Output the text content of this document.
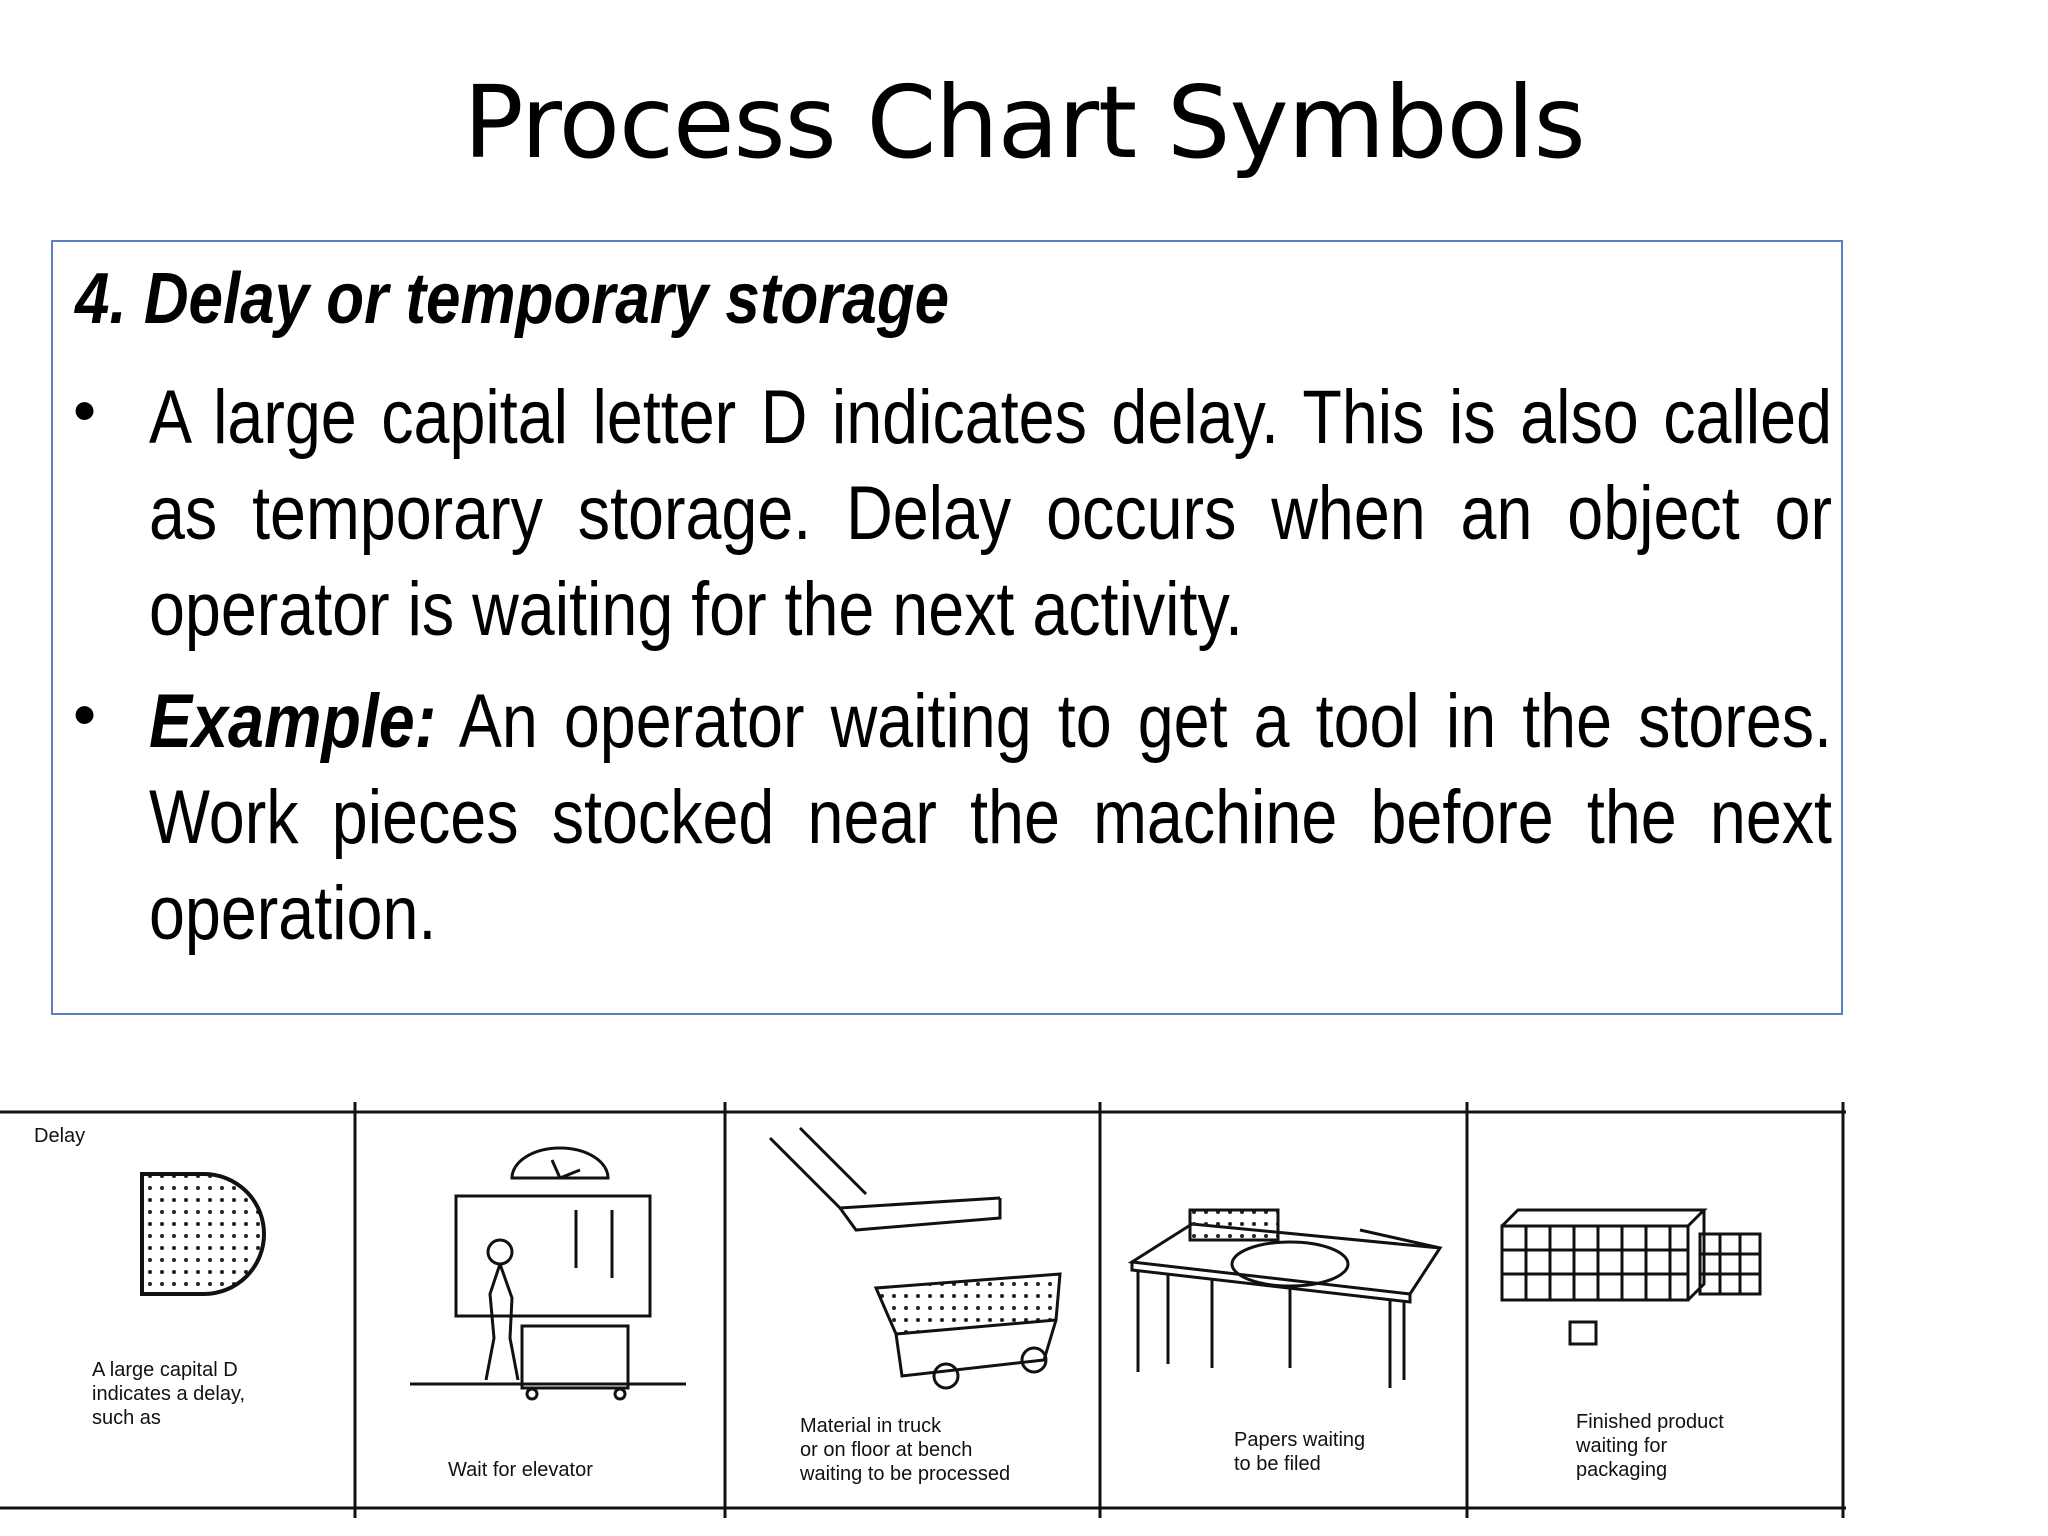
Process Chart Symbols
4. Delay or temporary storage
• A large capital letter D indicates delay. This is also called as temporary storage. Delay occurs when an object or operator is waiting for the next activity.
• Example: An operator waiting to get a tool in the stores. Work pieces stocked near the machine before the next operation.
Delay
A large capital D indicates a delay, such as
Wait for elevator
Material in truck or on floor at bench waiting to be processed
Papers waiting to be filed
Finished product waiting for packaging
